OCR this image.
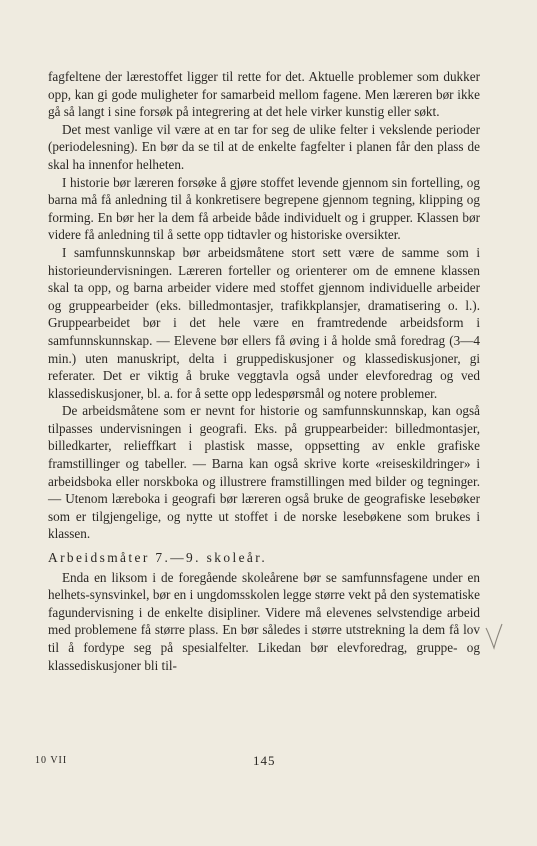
fagfeltene der lærestoffet ligger til rette for det. Aktuelle problemer som dukker opp, kan gi gode muligheter for samarbeid mellom fagene. Men læreren bør ikke gå så langt i sine forsøk på integrering at det hele virker kunstig eller søkt.

Det mest vanlige vil være at en tar for seg de ulike felter i vekslende perioder (periodelesning). En bør da se til at de enkelte fagfelter i planen får den plass de skal ha innenfor helheten.

I historie bør læreren forsøke å gjøre stoffet levende gjennom sin fortelling, og barna må få anledning til å konkretisere begrepene gjennom tegning, klipping og forming. En bør her la dem få arbeide både individuelt og i grupper. Klassen bør videre få anledning til å sette opp tidtavler og historiske oversikter.

I samfunnskunnskap bør arbeidsmåtene stort sett være de samme som i historieundervisningen. Læreren forteller og orienterer om de emnene klassen skal ta opp, og barna arbeider videre med stoffet gjennom individuelle arbeider og gruppearbeider (eks. billedmontasjer, trafikkplansjer, dramatisering o. l.). Gruppearbeidet bør i det hele være en framtredende arbeidsform i samfunnskunnskap. — Elevene bør ellers få øving i å holde små foredrag (3—4 min.) uten manuskript, delta i gruppediskusjoner og klassediskusjoner, gi referater. Det er viktig å bruke veggtavla også under elevforedrag og ved klassediskusjoner, bl. a. for å sette opp ledespørsmål og notere problemer.

De arbeidsmåtene som er nevnt for historie og samfunnskunnskap, kan også tilpasses undervisningen i geografi. Eks. på gruppearbeider: billedmontasjer, billedkarter, relieffkart i plastisk masse, oppsetting av enkle grafiske framstillinger og tabeller. — Barna kan også skrive korte «reiseskildringer» i arbeidsboka eller norskboka og illustrere framstillingen med bilder og tegninger. — Utenom læreboka i geografi bør læreren også bruke de geografiske lesebøker som er tilgjengelige, og nytte ut stoffet i de norske lesebøkene som brukes i klassen.

Arbeidsmåter 7.—9. skoleår.

Enda en liksom i de foregående skoleårene bør se samfunnsfagene under en helhets-synsvinkel, bør en i ungdomsskolen legge større vekt på den systematiske fagundervisning i de enkelte disipliner. Videre må elevenes selvstendige arbeid med problemene få større plass. En bør således i større utstrekning la dem få lov til å fordype seg på spesialfelter. Likedan bør elevforedrag, gruppe- og klassediskusjoner bli til-

10 VII	145
